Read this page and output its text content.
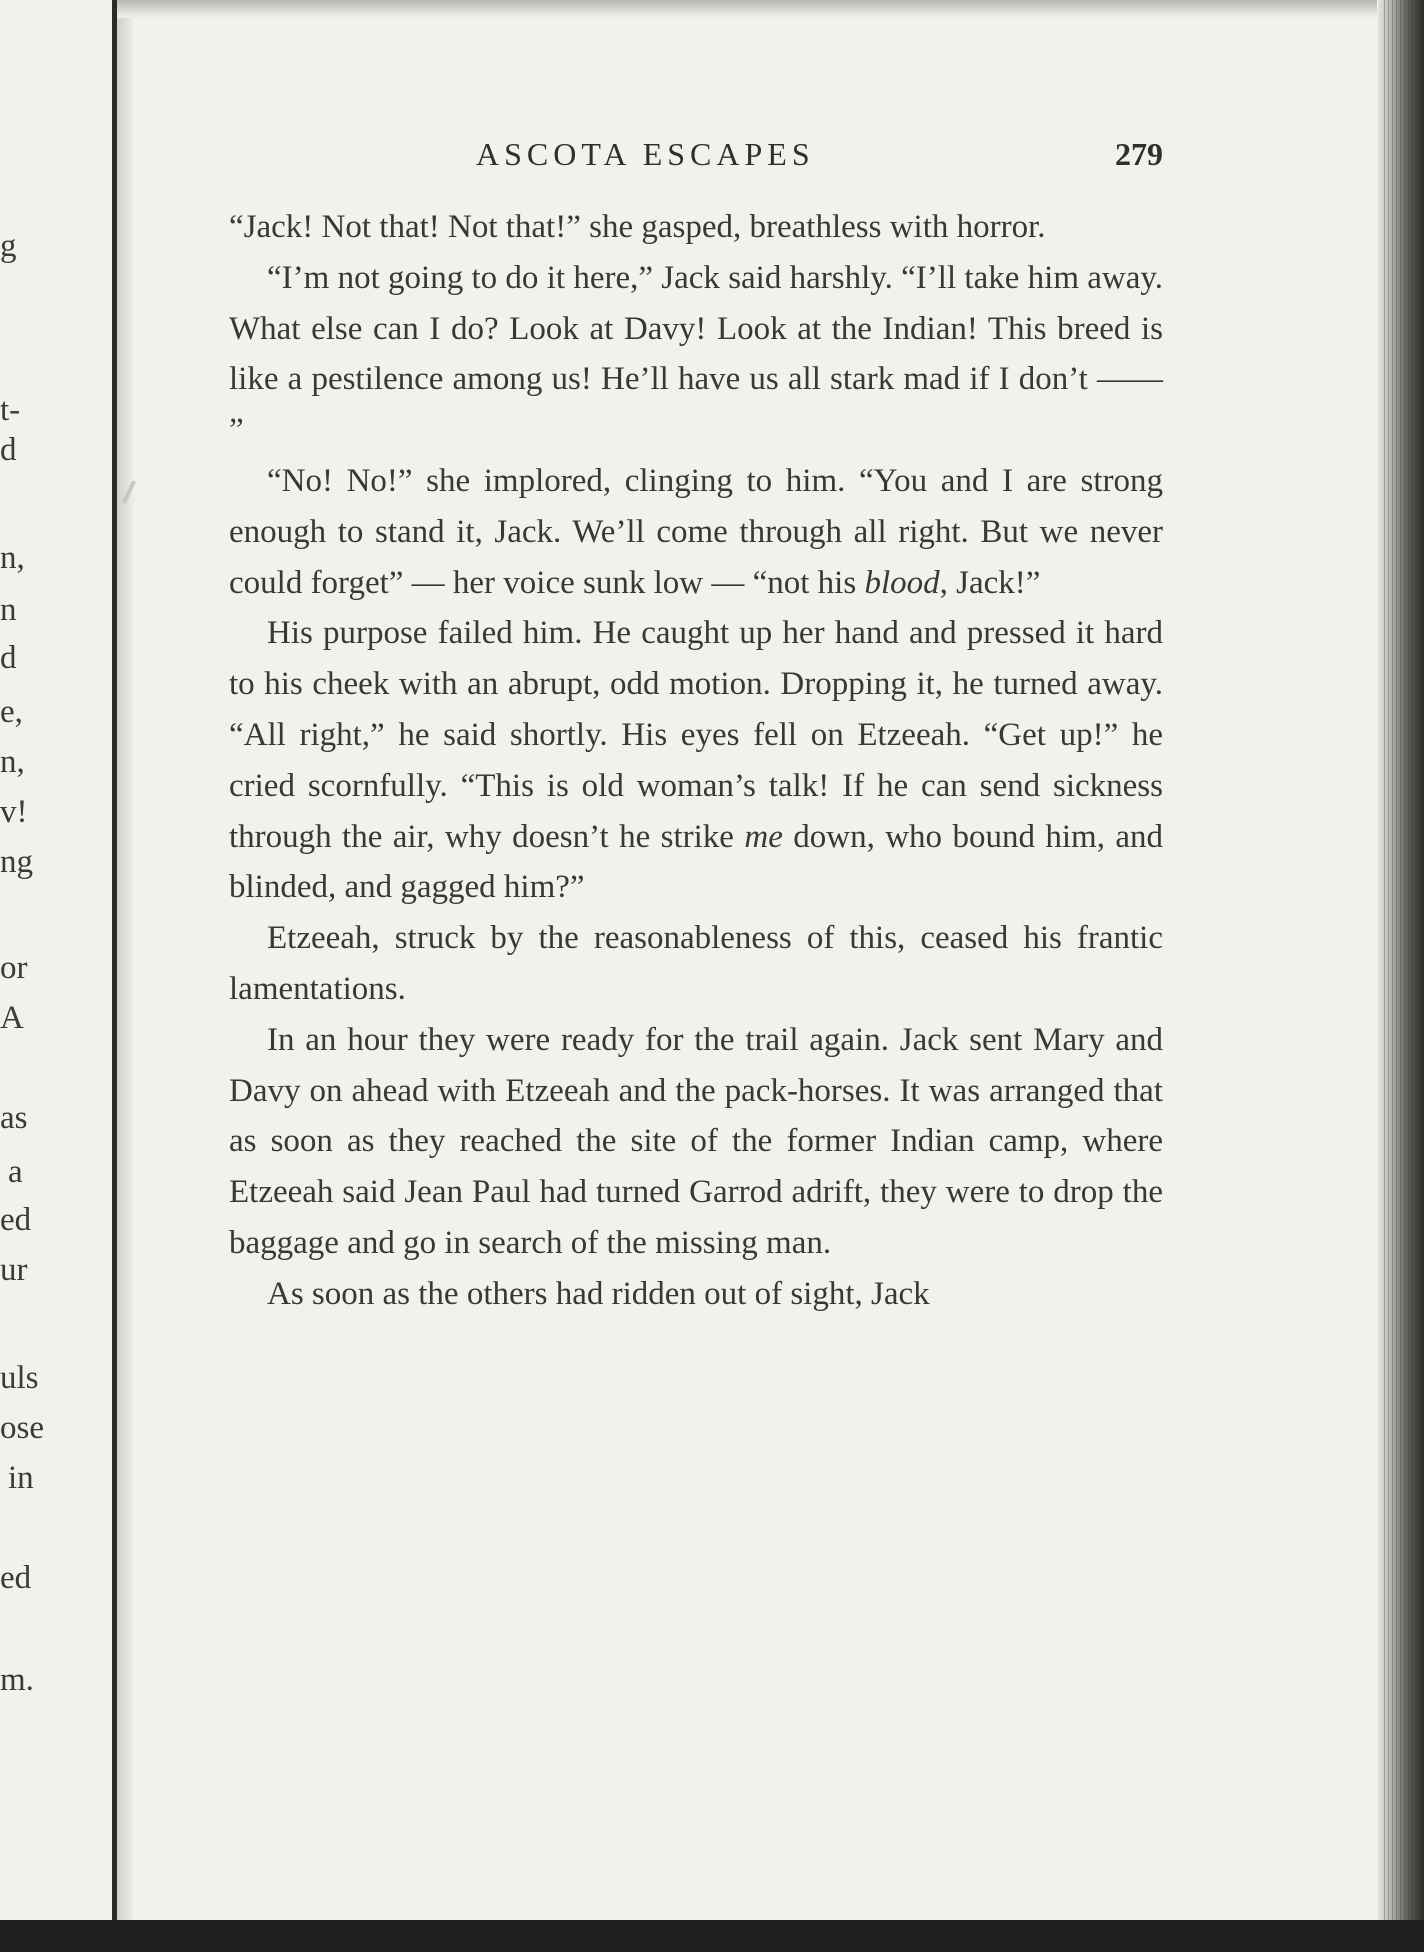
g
t-
d
n,
n
d
e,
n,
v!
ng
or
A
as
a
ed
ur
uls
ose
in
ed
m.
ASCOTA ESCAPES	279

“Jack! Not that! Not that!” she gasped, breathless with horror.

“I’m not going to do it here,” Jack said harshly. “I’ll take him away. What else can I do? Look at Davy! Look at the Indian! This breed is like a pestilence among us! He’ll have us all stark mad if I don’t —— ”

“No! No!” she implored, clinging to him. “You and I are strong enough to stand it, Jack. We’ll come through all right. But we never could forget” — her voice sunk low — “not his blood, Jack!”

His purpose failed him. He caught up her hand and pressed it hard to his cheek with an abrupt, odd motion. Dropping it, he turned away. “All right,” he said shortly. His eyes fell on Etzeeah. “Get up!” he cried scornfully. “This is old woman’s talk! If he can send sickness through the air, why doesn’t he strike me down, who bound him, and blinded, and gagged him?”

Etzeeah, struck by the reasonableness of this, ceased his frantic lamentations.

In an hour they were ready for the trail again. Jack sent Mary and Davy on ahead with Etzeeah and the pack-horses. It was arranged that as soon as they reached the site of the former Indian camp, where Etzeeah said Jean Paul had turned Garrod adrift, they were to drop the baggage and go in search of the missing man.

As soon as the others had ridden out of sight, Jack
